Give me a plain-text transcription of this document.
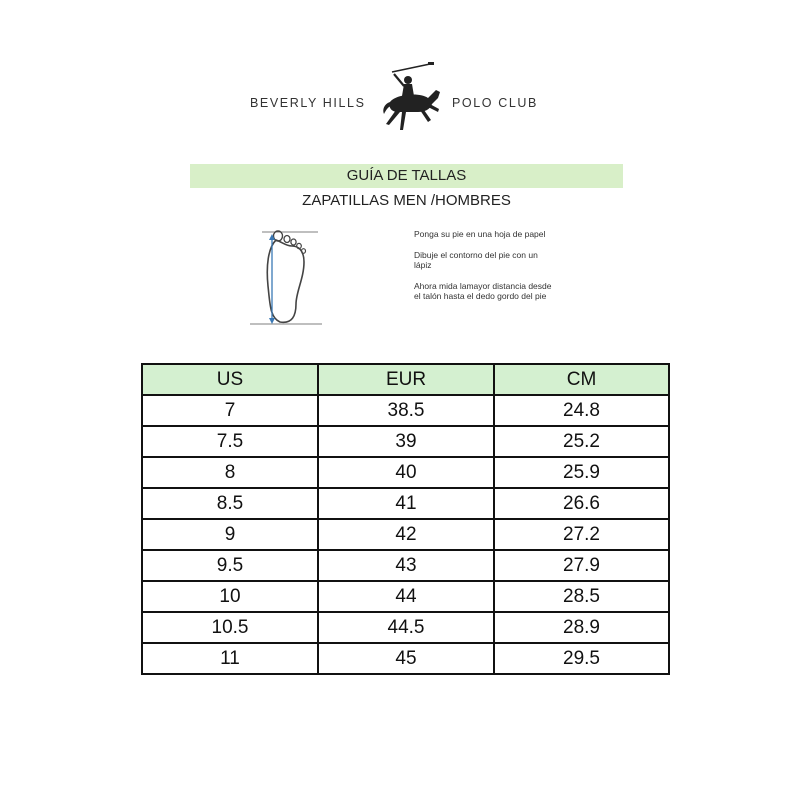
BEVERLY HILLS	POLO CLUB
GUÍA DE TALLAS
ZAPATILLAS MEN /HOMBRES

Ponga su pie en una hoja de papel

Dibuje el contorno del pie con un lápiz

Ahora mida lamayor distancia desde el talón hasta el dedo gordo del pie

US	EUR	CM
7	38.5	24.8
7.5	39	25.2
8	40	25.9
8.5	41	26.6
9	42	27.2
9.5	43	27.9
10	44	28.5
10.5	44.5	28.9
11	45	29.5
